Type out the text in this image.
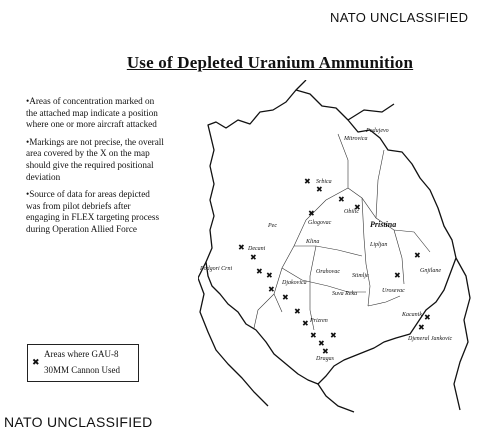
NATO UNCLASSIFIED
Use of Depleted Uranium Ammunition

•Areas of concentration marked on the attached map indicate a position where one or more aircraft attacked

•Markings are not precise, the overall area covered by the X on the map should give the required positional deviation

•Source of data for areas depicted was from pilot debriefs after engaging in FLEX targeting process during Operation Allied Force

✖
Areas where GAU-8
30MM Cannon Used
Podujevo
Mitrovica
Srbica
Glogovac
Obilic
Pristina
Lipljan
Pec
Klina
Decani
Djakovica
Orahovac
Stimlje
Urosevac
Gnjilane
Suva Reka
Prizren
Kacanik
Dragas
Djeneral Jankovic
Podgori Crni
✖
✖
✖
✖
✖
✖
✖
✖ ✖
✖
✖
✖
✖
✖
✖
✖
✖
✖
✖
✖
✖
NATO UNCLASSIFIED
